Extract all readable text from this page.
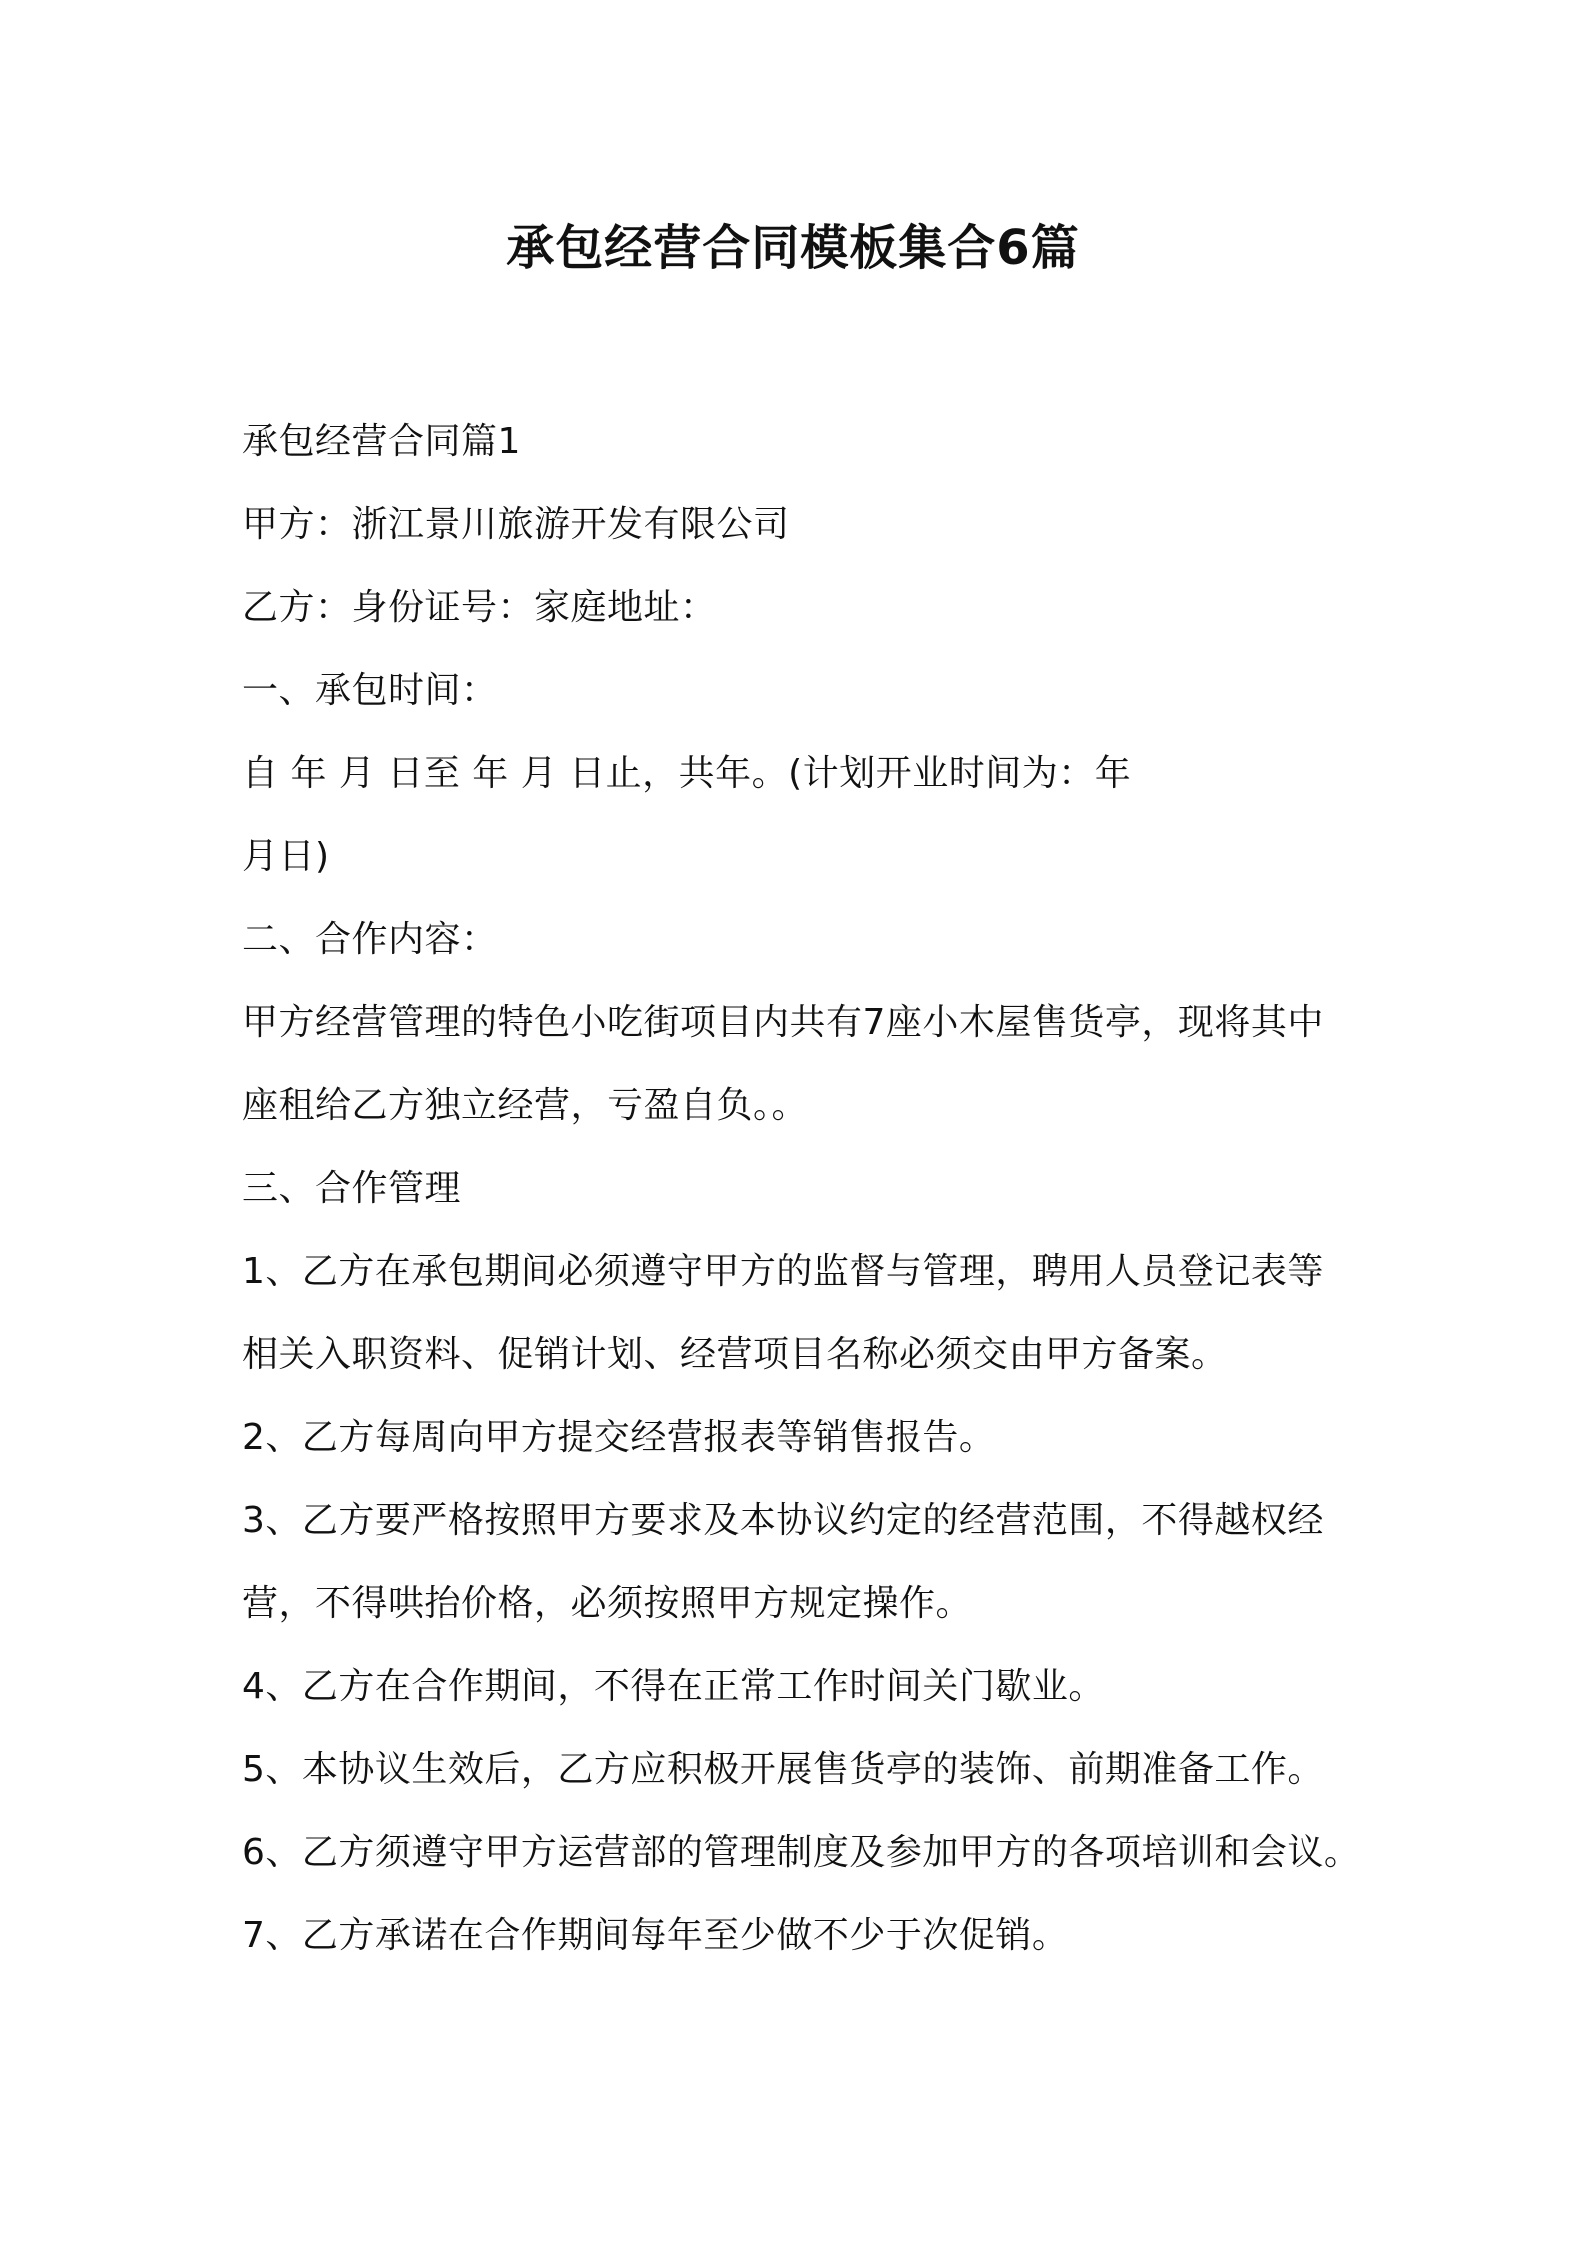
承包经营合同模板集合6篇

承包经营合同篇1

甲方：浙江景川旅游开发有限公司

乙方：身份证号：家庭地址：

一、承包时间：

自 年 月 日至 年 月 日止，共年。(计划开业时间为：年

月日)

二、合作内容：

甲方经营管理的特色小吃街项目内共有7座小木屋售货亭，现将其中

座租给乙方独立经营，亏盈自负。。

三、合作管理

1、乙方在承包期间必须遵守甲方的监督与管理，聘用人员登记表等

相关入职资料、促销计划、经营项目名称必须交由甲方备案。

2、乙方每周向甲方提交经营报表等销售报告。

3、乙方要严格按照甲方要求及本协议约定的经营范围，不得越权经

营，不得哄抬价格，必须按照甲方规定操作。

4、乙方在合作期间，不得在正常工作时间关门歇业。

5、本协议生效后，乙方应积极开展售货亭的装饰、前期准备工作。

6、乙方须遵守甲方运营部的管理制度及参加甲方的各项培训和会议。

7、乙方承诺在合作期间每年至少做不少于次促销。
